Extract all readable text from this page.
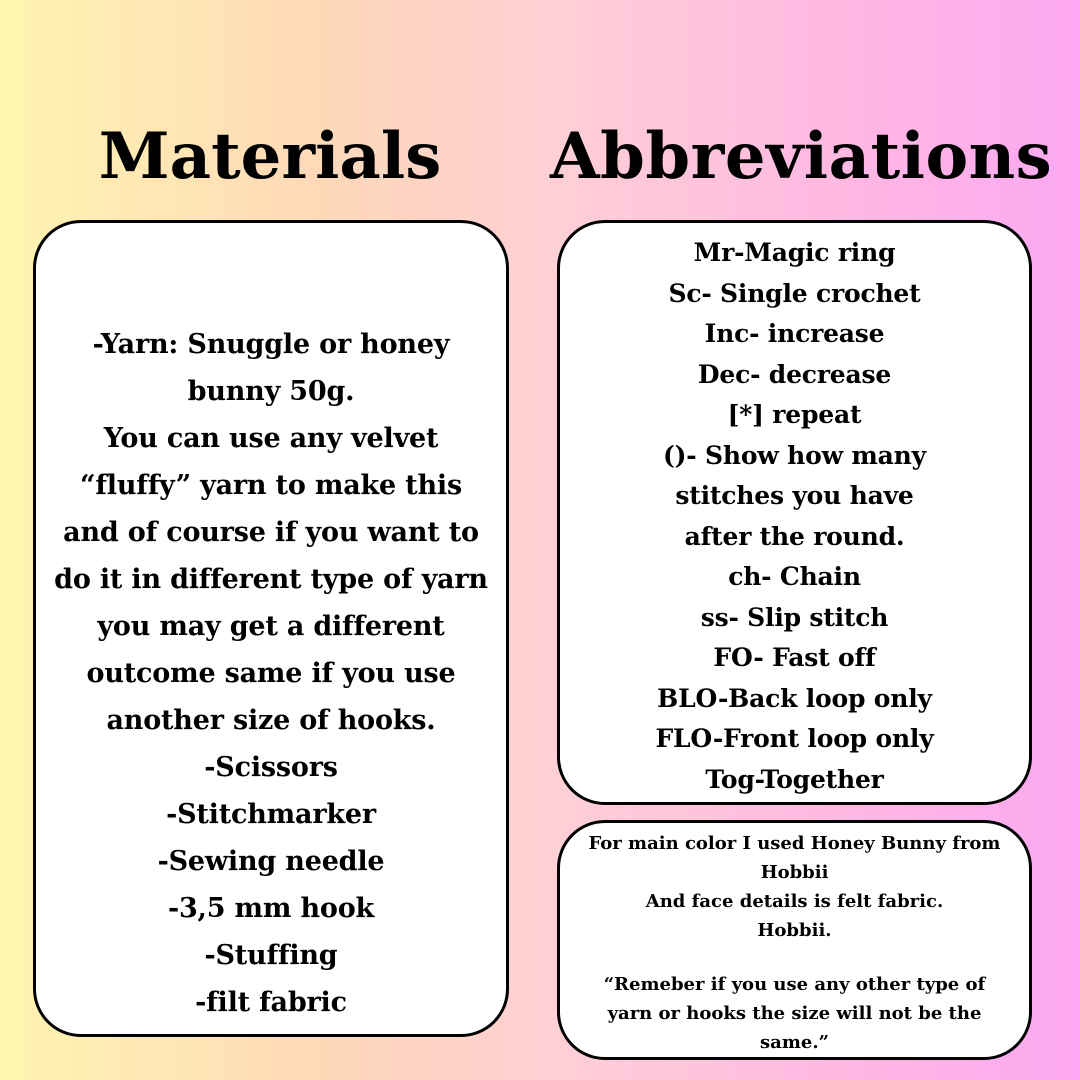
Materials	Abbreviations
-Yarn: Snuggle or honey
bunny 50g.
You can use any velvet
“fluffy” yarn to make this
and of course if you want to
do it in different type of yarn
you may get a different
outcome same if you use
another size of hooks.
-Scissors
-Stitchmarker
-Sewing needle
-3,5 mm hook
-Stuffing
-filt fabric
Mr-Magic ring
Sc- Single crochet
Inc- increase
Dec- decrease
[*] repeat
()- Show how many
stitches you have
after the round.
ch- Chain
ss- Slip stitch
FO- Fast off
BLO-Back loop only
FLO-Front loop only
Tog-Together
For main color I used Honey Bunny from
Hobbii
And face details is felt fabric.
Hobbii.
“Remeber if you use any other type of
yarn or hooks the size will not be the
same.”
